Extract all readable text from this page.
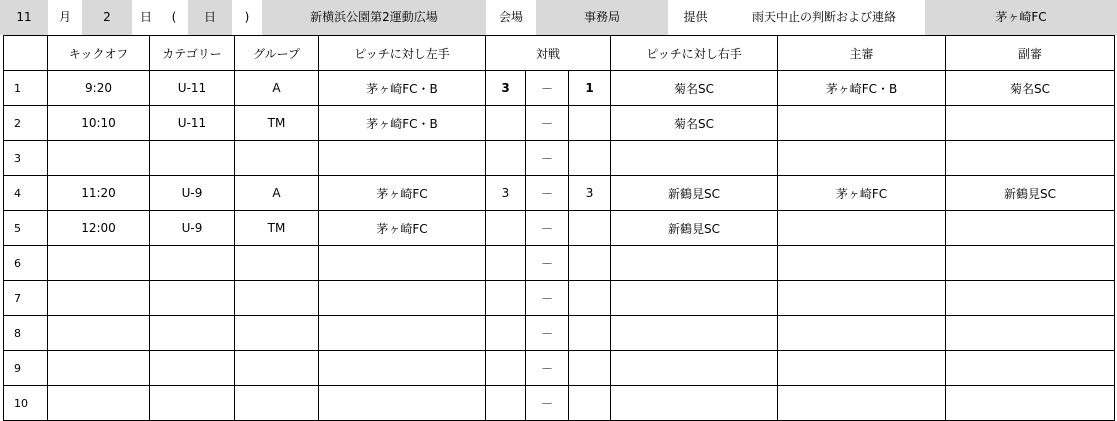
11	月	2	日	(	日	)	新横浜公園第2運動広場	会場	事務局	提供	雨天中止の判断および連絡	茅ヶ崎FC
	キックオフ	カテゴリー	グループ	ピッチに対し左手	対戦			ピッチに対し右手	主審	副審
1	9:20	U-11	A	茅ヶ崎FC・B	3	－	1	菊名SC	茅ヶ崎FC・B	菊名SC
2	10:10	U-11	TM	茅ヶ崎FC・B		－		菊名SC		
3						－				
4	11:20	U-9	A	茅ヶ崎FC	3	－	3	新鶴見SC	茅ヶ崎FC	新鶴見SC
5	12:00	U-9	TM	茅ヶ崎FC		－		新鶴見SC		
6						－				
7						－				
8						－				
9						－				
10						－				
